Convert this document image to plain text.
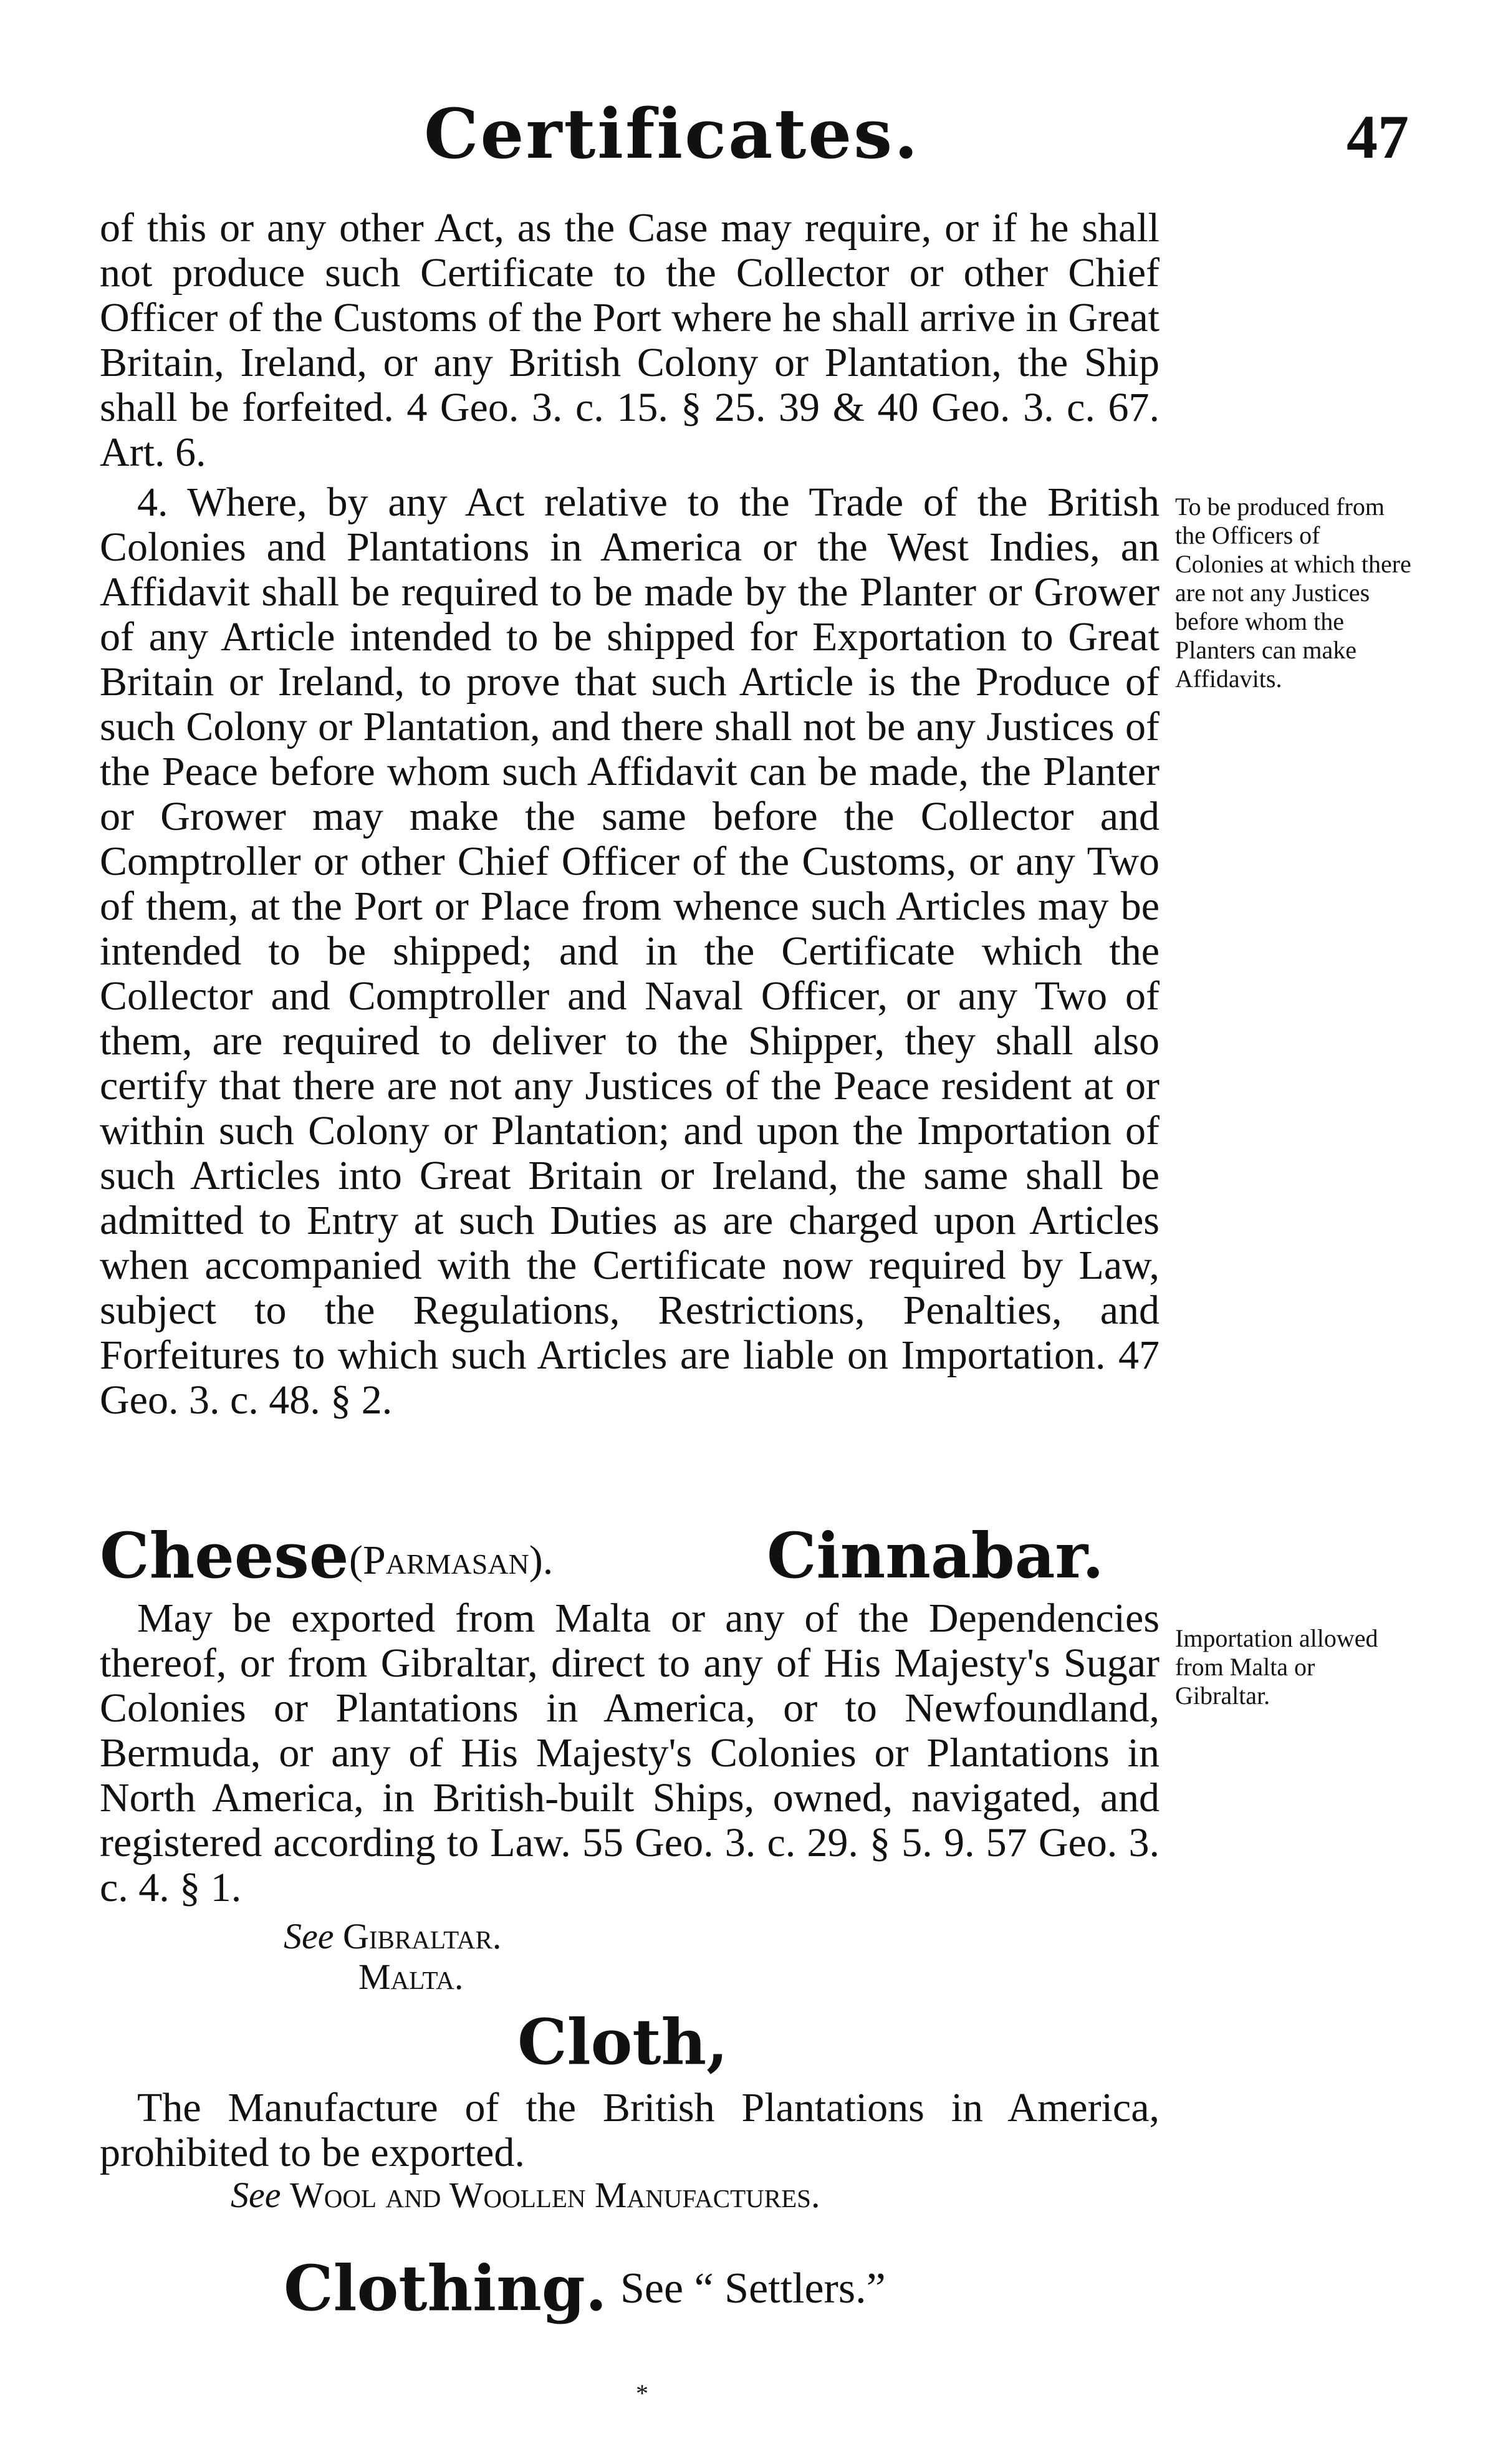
Certificates.	47

of this or any other Act, as the Case may require, or if he shall not produce such Certificate to the Collector or other Chief Officer of the Customs of the Port where he shall arrive in Great Britain, Ireland, or any British Colony or Plantation, the Ship shall be forfeited. 4 Geo. 3. c. 15. § 25. 39 & 40 Geo. 3. c. 67. Art. 6.

4. Where, by any Act relative to the Trade of the British Colonies and Plantations in America or the West Indies, an Affidavit shall be required to be made by the Planter or Grower of any Article intended to be shipped for Exportation to Great Britain or Ireland, to prove that such Article is the Produce of such Colony or Plantation, and there shall not be any Justices of the Peace before whom such Affidavit can be made, the Planter or Grower may make the same before the Collector and Comptroller or other Chief Officer of the Customs, or any Two of them, at the Port or Place from whence such Articles may be intended to be shipped; and in the Certificate which the Collector and Comptroller and Naval Officer, or any Two of them, are required to deliver to the Shipper, they shall also certify that there are not any Justices of the Peace resident at or within such Colony or Plantation; and upon the Importation of such Articles into Great Britain or Ireland, the same shall be admitted to Entry at such Duties as are charged upon Articles when accompanied with the Certificate now required by Law, subject to the Regulations, Restrictions, Penalties, and Forfeitures to which such Articles are liable on Importation. 47 Geo. 3. c. 48. § 2.

To be produced from the Officers of Colonies at which there are not any Justices before whom the Planters can make Affidavits.
Cheese (Parmasan).	Cinnabar.

May be exported from Malta or any of the Dependencies thereof, or from Gibraltar, direct to any of His Majesty's Sugar Colonies or Plantations in America, or to Newfoundland, Bermuda, or any of His Majesty's Colonies or Plantations in North America, in British-built Ships, owned, navigated, and registered according to Law. 55 Geo. 3. c. 29. § 5. 9. 57 Geo. 3. c. 4. § 1.

Importation allowed from Malta or Gibraltar.
See Gibraltar.
Malta.
Cloth,

The Manufacture of the British Plantations in America, prohibited to be exported.

See Wool and Woollen Manufactures.
Clothing. See “ Settlers.”
*
